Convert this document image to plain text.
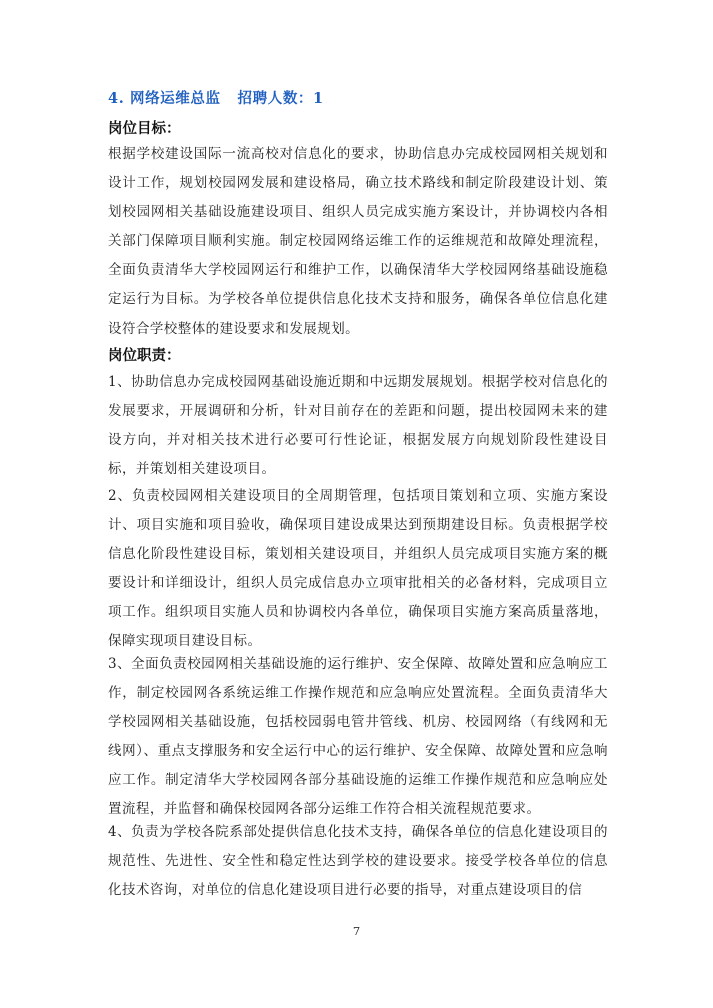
4. 网络运维总监   招聘人数：1
岗位目标：
根据学校建设国际一流高校对信息化的要求，协助信息办完成校园网相关规划和设计工作，规划校园网发展和建设格局，确立技术路线和制定阶段建设计划、策划校园网相关基础设施建设项目、组织人员完成实施方案设计，并协调校内各相关部门保障项目顺利实施。制定校园网络运维工作的运维规范和故障处理流程，全面负责清华大学校园网运行和维护工作，以确保清华大学校园网络基础设施稳定运行为目标。为学校各单位提供信息化技术支持和服务，确保各单位信息化建设符合学校整体的建设要求和发展规划。
岗位职责：
1、协助信息办完成校园网基础设施近期和中远期发展规划。根据学校对信息化的发展要求，开展调研和分析，针对目前存在的差距和问题，提出校园网未来的建设方向，并对相关技术进行必要可行性论证，根据发展方向规划阶段性建设目标，并策划相关建设项目。
2、负责校园网相关建设项目的全周期管理，包括项目策划和立项、实施方案设计、项目实施和项目验收，确保项目建设成果达到预期建设目标。负责根据学校信息化阶段性建设目标，策划相关建设项目，并组织人员完成项目实施方案的概要设计和详细设计，组织人员完成信息办立项审批相关的必备材料，完成项目立项工作。组织项目实施人员和协调校内各单位，确保项目实施方案高质量落地，保障实现项目建设目标。
3、全面负责校园网相关基础设施的运行维护、安全保障、故障处置和应急响应工作，制定校园网各系统运维工作操作规范和应急响应处置流程。全面负责清华大学校园网相关基础设施，包括校园弱电管井管线、机房、校园网络（有线网和无线网）、重点支撑服务和安全运行中心的运行维护、安全保障、故障处置和应急响应工作。制定清华大学校园网各部分基础设施的运维工作操作规范和应急响应处置流程，并监督和确保校园网各部分运维工作符合相关流程规范要求。
4、负责为学校各院系部处提供信息化技术支持，确保各单位的信息化建设项目的规范性、先进性、安全性和稳定性达到学校的建设要求。接受学校各单位的信息化技术咨询，对单位的信息化建设项目进行必要的指导，对重点建设项目的信
7
